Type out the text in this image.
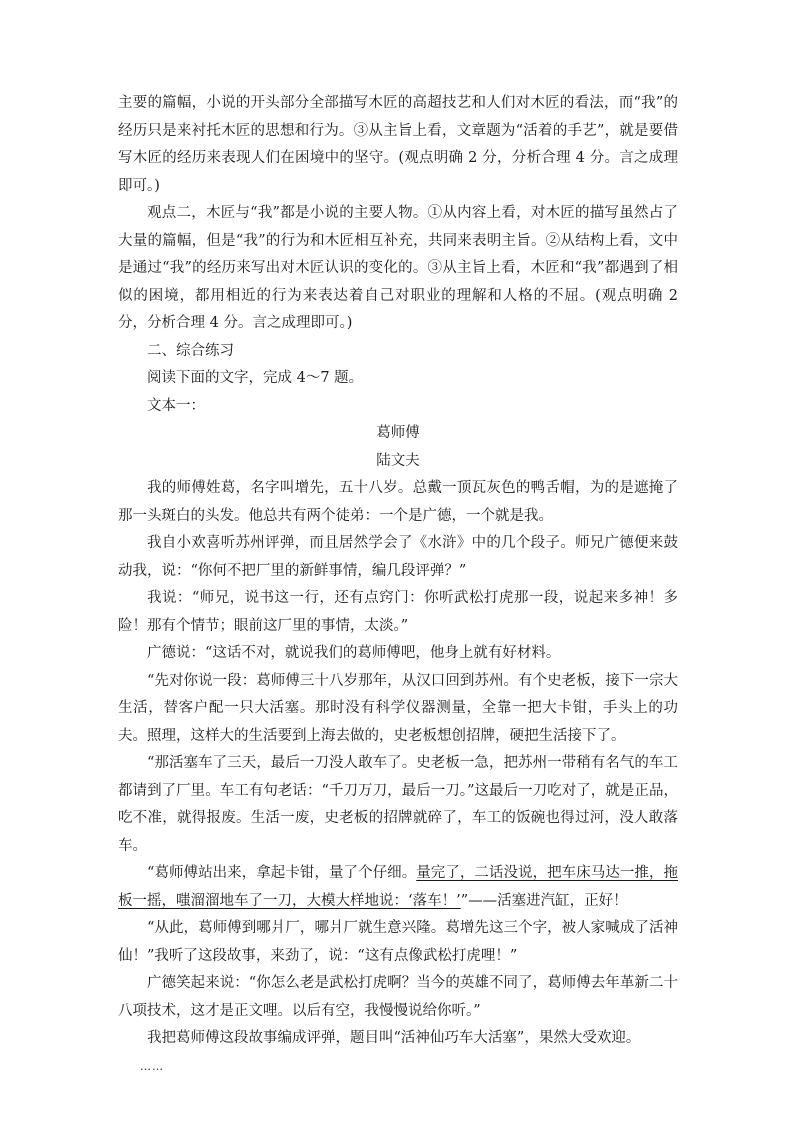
主要的篇幅，小说的开头部分全部描写木匠的高超技艺和人们对木匠的看法，而“我”的经历只是来衬托木匠的思想和行为。③从主旨上看，文章题为“活着的手艺”，就是要借写木匠的经历来表现人们在困境中的坚守。(观点明确 2 分，分析合理 4 分。言之成理即可。)

观点二，木匠与“我”都是小说的主要人物。①从内容上看，对木匠的描写虽然占了大量的篇幅，但是“我”的行为和木匠相互补充，共同来表明主旨。②从结构上看，文中是通过“我”的经历来写出对木匠认识的变化的。③从主旨上看，木匠和“我”都遇到了相似的困境，都用相近的行为来表达着自己对职业的理解和人格的不屈。(观点明确 2 分，分析合理 4 分。言之成理即可。)

二、综合练习

阅读下面的文字，完成 4～7 题。

文本一：

葛师傅

陆文夫

我的师傅姓葛，名字叫增先，五十八岁。总戴一顶瓦灰色的鸭舌帽，为的是遮掩了那一头斑白的头发。他总共有两个徒弟：一个是广德，一个就是我。

我自小欢喜听苏州评弹，而且居然学会了《水浒》中的几个段子。师兄广德便来鼓动我，说：“你何不把厂里的新鲜事情，编几段评弹？”

我说：“师兄，说书这一行，还有点窍门：你听武松打虎那一段，说起来多神！多险！那有个情节；眼前这厂里的事情，太淡。”

广德说：“这话不对，就说我们的葛师傅吧，他身上就有好材料。

“先对你说一段：葛师傅三十八岁那年，从汉口回到苏州。有个史老板，接下一宗大生活，替客户配一只大活塞。那时没有科学仪器测量，全靠一把大卡钳，手头上的功夫。照理，这样大的生活要到上海去做的，史老板想创招牌，硬把生活接下了。

“那活塞车了三天，最后一刀没人敢车了。史老板一急，把苏州一带稍有名气的车工都请到了厂里。车工有句老话：“千刀万刀，最后一刀。”这最后一刀吃对了，就是正品，吃不准，就得报废。生活一废，史老板的招牌就碎了，车工的饭碗也得过河，没人敢落车。

“葛师傅站出来，拿起卡钳，量了个仔细。量完了，二话没说，把车床马达一推，拖板一摇，嗤溜溜地车了一刀，大模大样地说：‘落车！’”——活塞进汽缸，正好！

“从此，葛师傅到哪爿厂，哪爿厂就生意兴隆。葛增先这三个字，被人家喊成了活神仙！”我听了这段故事，来劲了，说：“这有点像武松打虎哩！”

广德笑起来说：“你怎么老是武松打虎啊？当今的英雄不同了，葛师傅去年革新二十八项技术，这才是正文哩。以后有空，我慢慢说给你听。”

我把葛师傅这段故事编成评弹，题目叫“活神仙巧车大活塞”，果然大受欢迎。

……
